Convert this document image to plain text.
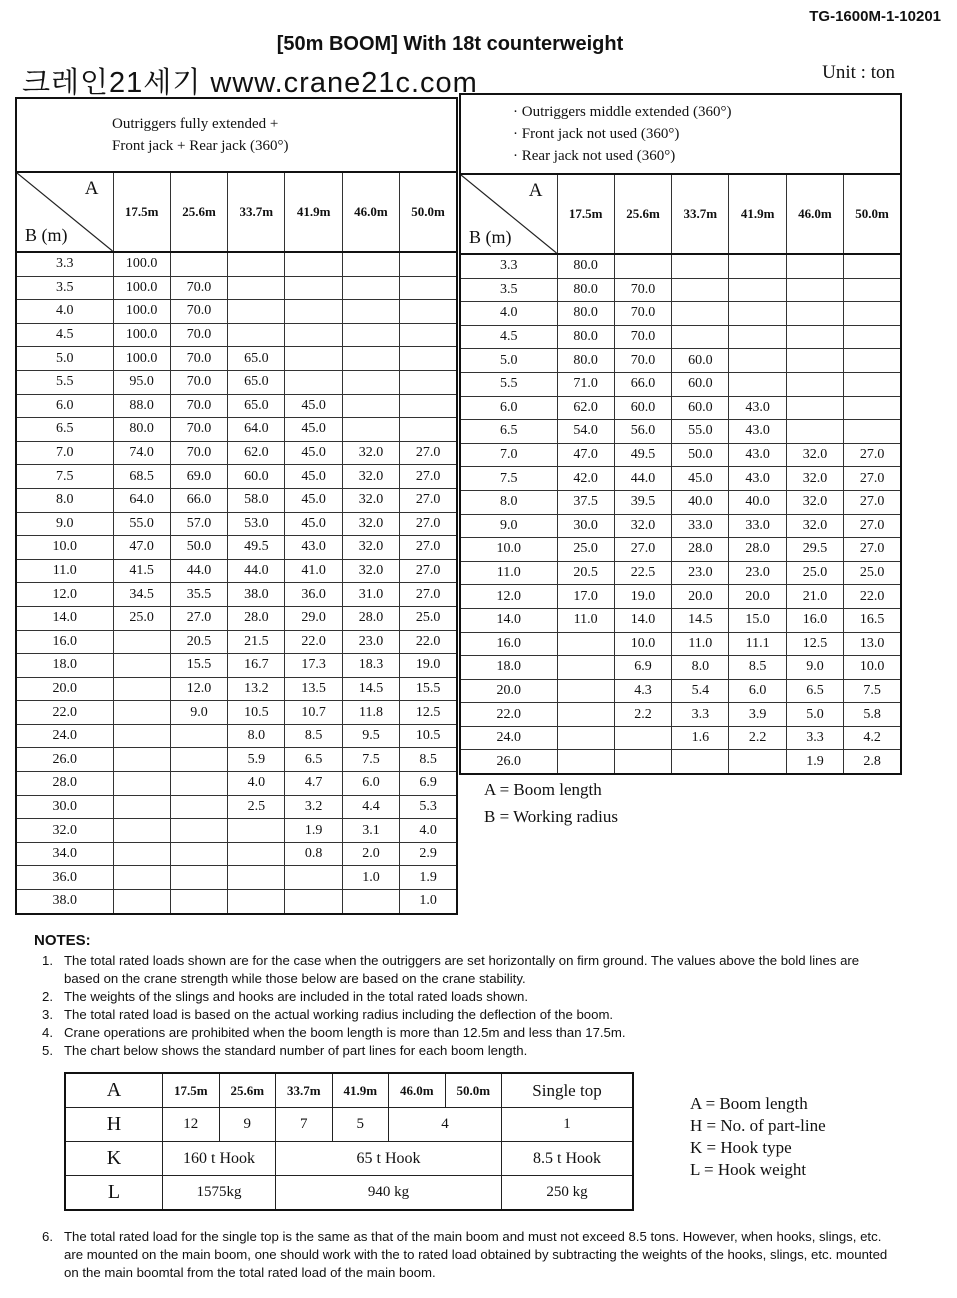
TG-1600M-1-10201
[50m BOOM] With 18t counterweight
크레인21세기 www.crane21c.com	Unit : ton
Outriggers fully extended +
Front jack + Rear jack (360°)						

A
B (m)	17.5m	25.6m	33.7m	41.9m	46.0m	50.0m
3.3	100.0					
3.5	100.0	70.0				
4.0	100.0	70.0				
4.5	100.0	70.0				
5.0	100.0	70.0	65.0			
5.5	95.0	70.0	65.0			
6.0	88.0	70.0	65.0	45.0		
6.5	80.0	70.0	64.0	45.0		
7.0	74.0	70.0	62.0	45.0	32.0	27.0
7.5	68.5	69.0	60.0	45.0	32.0	27.0
8.0	64.0	66.0	58.0	45.0	32.0	27.0
9.0	55.0	57.0	53.0	45.0	32.0	27.0
10.0	47.0	50.0	49.5	43.0	32.0	27.0
11.0	41.5	44.0	44.0	41.0	32.0	27.0
12.0	34.5	35.5	38.0	36.0	31.0	27.0
14.0	25.0	27.0	28.0	29.0	28.0	25.0
16.0		20.5	21.5	22.0	23.0	22.0
18.0		15.5	16.7	17.3	18.3	19.0
20.0		12.0	13.2	13.5	14.5	15.5
22.0		9.0	10.5	10.7	11.8	12.5
24.0			8.0	8.5	9.5	10.5
26.0			5.9	6.5	7.5	8.5
28.0			4.0	4.7	6.0	6.9
30.0			2.5	3.2	4.4	5.3
32.0				1.9	3.1	4.0
34.0				0.8	2.0	2.9
36.0					1.0	1.9
38.0						1.0
· Outriggers middle extended (360°)
· Front jack not used (360°)
· Rear jack not used (360°)						

A
B (m)	17.5m	25.6m	33.7m	41.9m	46.0m	50.0m
3.3	80.0					
3.5	80.0	70.0				
4.0	80.0	70.0				
4.5	80.0	70.0				
5.0	80.0	70.0	60.0			
5.5	71.0	66.0	60.0			
6.0	62.0	60.0	60.0	43.0		
6.5	54.0	56.0	55.0	43.0		
7.0	47.0	49.5	50.0	43.0	32.0	27.0
7.5	42.0	44.0	45.0	43.0	32.0	27.0
8.0	37.5	39.5	40.0	40.0	32.0	27.0
9.0	30.0	32.0	33.0	33.0	32.0	27.0
10.0	25.0	27.0	28.0	28.0	29.5	27.0
11.0	20.5	22.5	23.0	23.0	25.0	25.0
12.0	17.0	19.0	20.0	20.0	21.0	22.0
14.0	11.0	14.0	14.5	15.0	16.0	16.5
16.0		10.0	11.0	11.1	12.5	13.0
18.0		6.9	8.0	8.5	9.0	10.0
20.0		4.3	5.4	6.0	6.5	7.5
22.0		2.2	3.3	3.9	5.0	5.8
24.0			1.6	2.2	3.3	4.2
26.0					1.9	2.8
A = Boom length
B = Working radius
NOTES:
1. The total rated loads shown are for the case when the outriggers are set horizontally on firm ground. The values above the bold lines are based on the crane strength while those below are based on the crane stability.
2. The weights of the slings and hooks are included in the total rated loads shown.
3. The total rated load is based on the actual working radius including the deflection of the boom.
4. Crane operations are prohibited when the boom length is more than 12.5m and less than 17.5m.
5. The chart below shows the standard number of part lines for each boom length.
A	17.5m	25.6m	33.7m	41.9m	46.0m	50.0m	Single top
H	12	9	7	5	4		1
K	160 t Hook		65 t Hook				8.5 t Hook
L	1575kg		940 kg				250 kg
A = Boom length
H = No. of part-line
K = Hook type
L = Hook weight
6. The total rated load for the single top is the same as that of the main boom and must not exceed 8.5 tons. However, when hooks, slings, etc. are mounted on the main boom, one should work with the to rated load obtained by subtracting the weights of the hooks, slings, etc. mounted on the main boomtal from the total rated load of the main boom.
